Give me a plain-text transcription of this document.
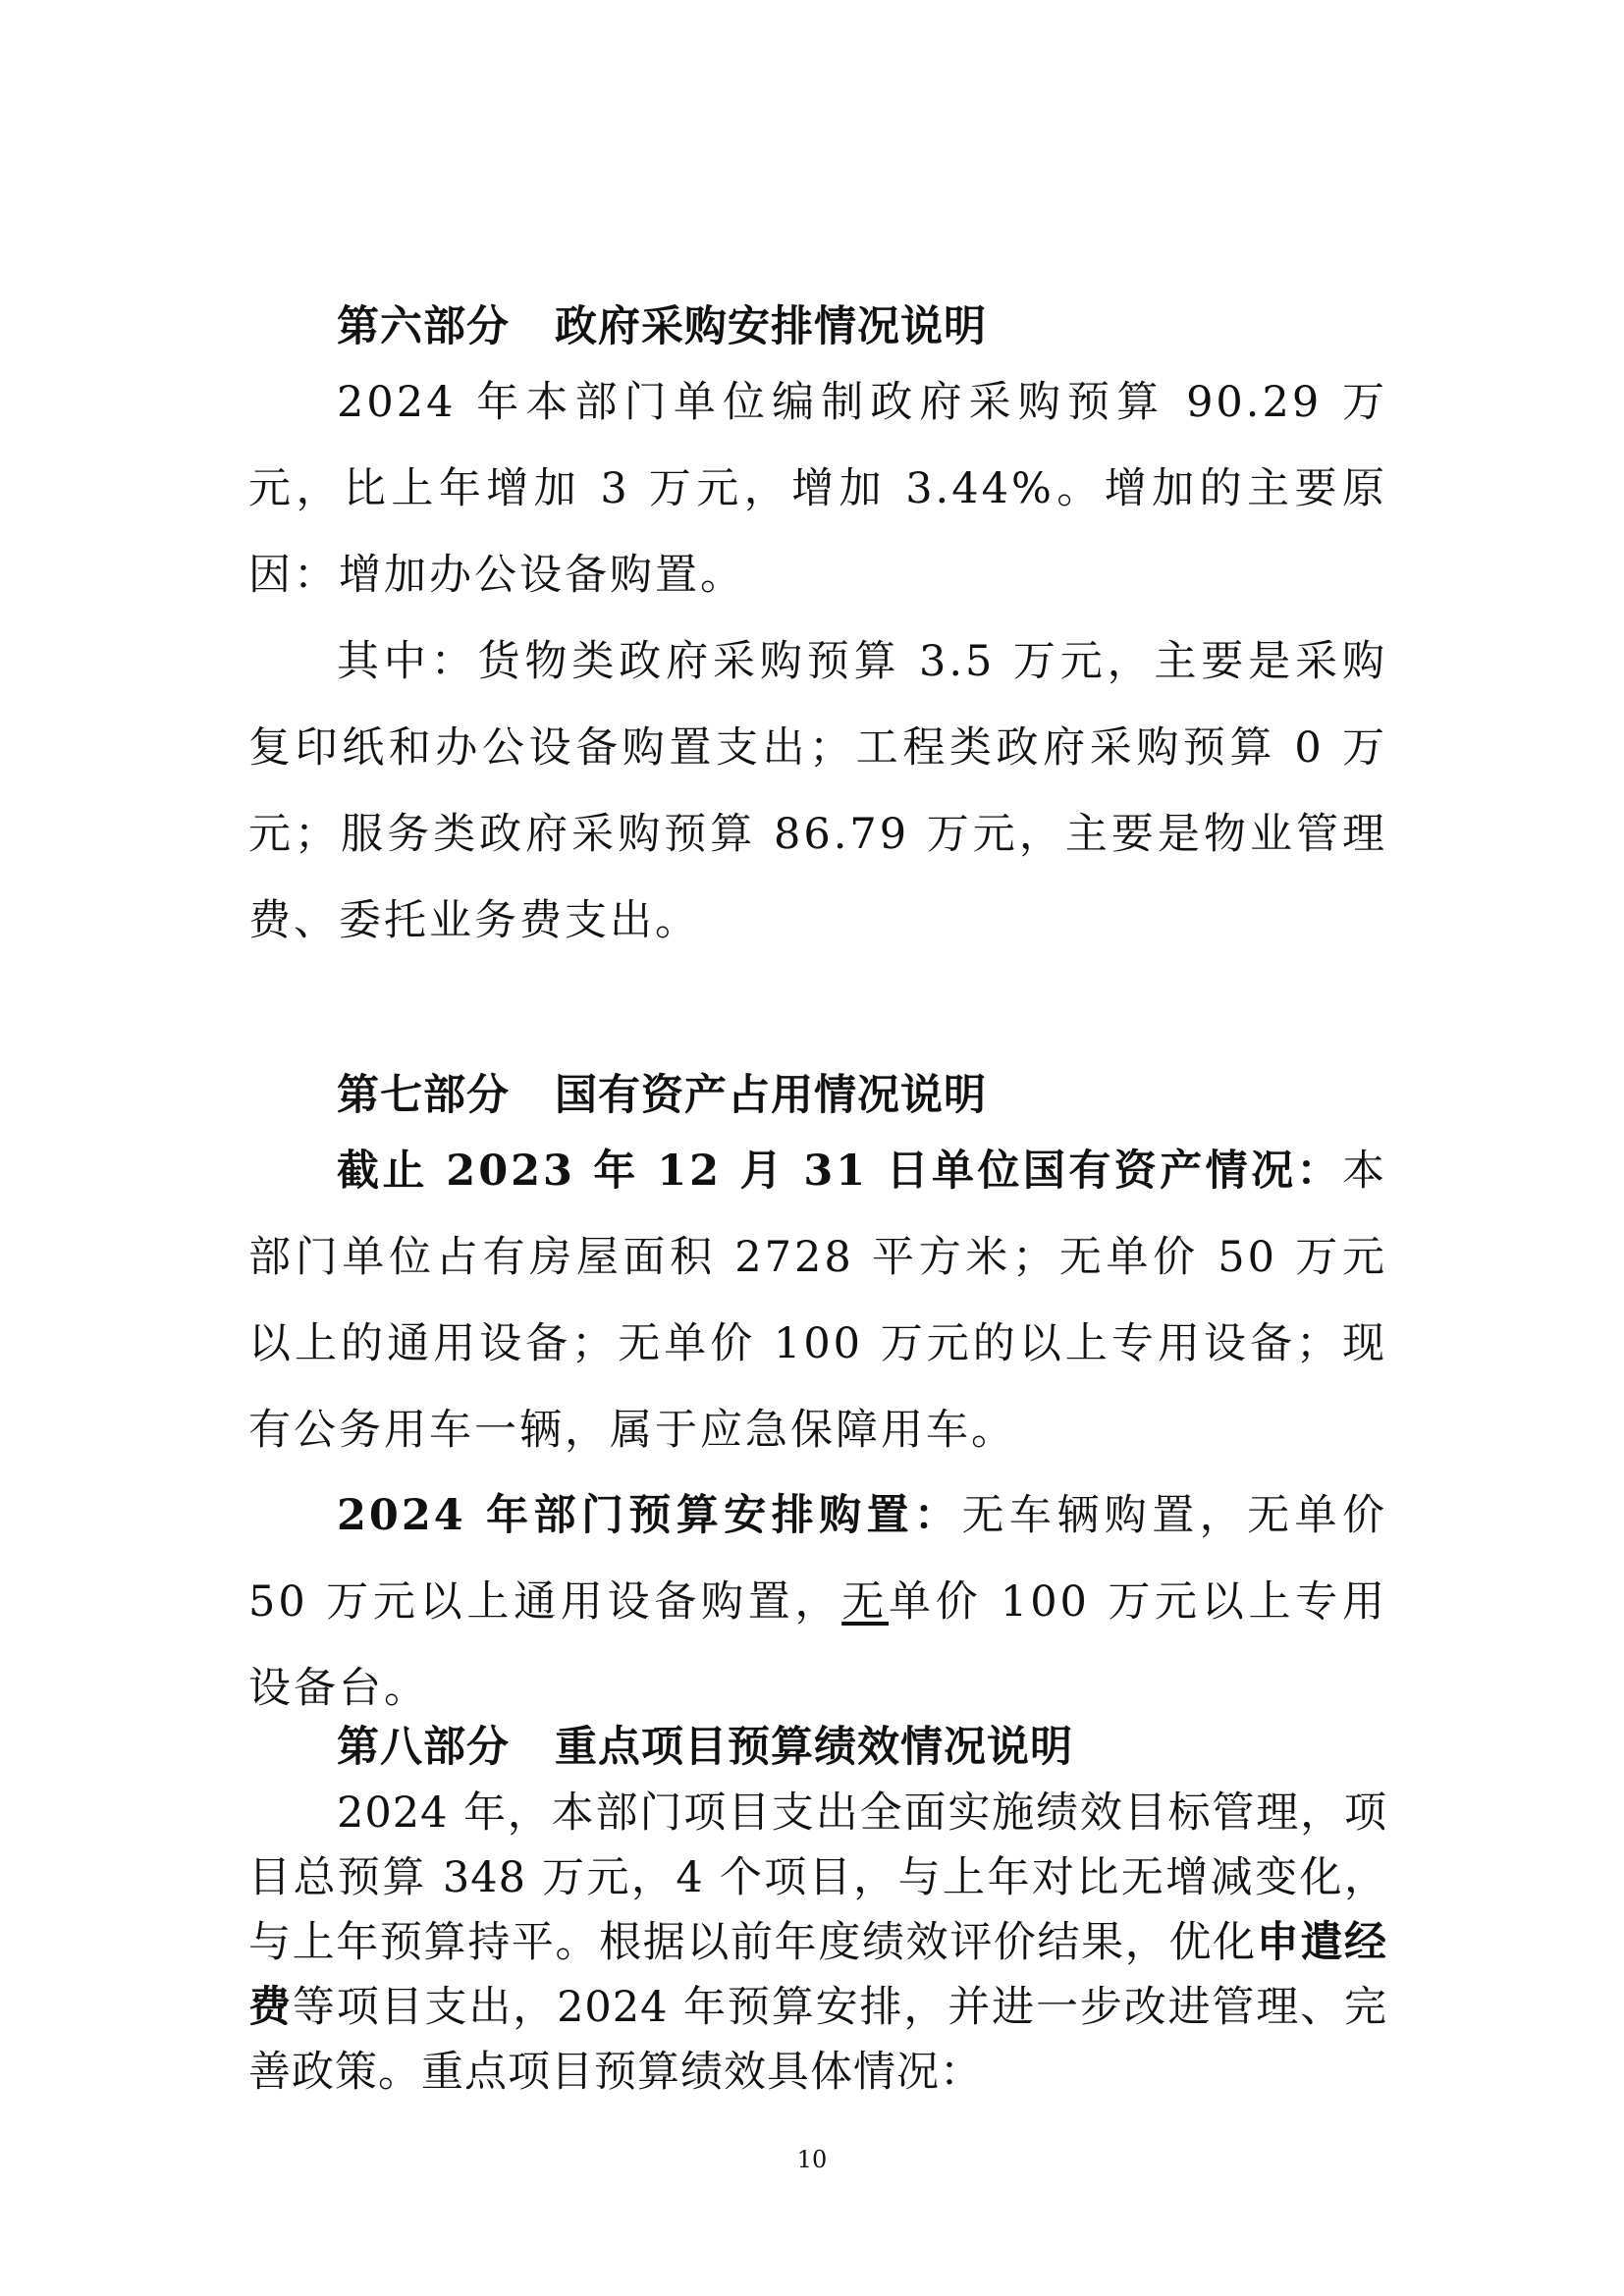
第六部分 政府采购安排情况说明
2024 年本部门单位编制政府采购预算 90.29 万元，比上年增加 3 万元，增加 3.44%。增加的主要原因：增加办公设备购置。
其中：货物类政府采购预算 3.5 万元，主要是采购复印纸和办公设备购置支出；工程类政府采购预算 0 万元；服务类政府采购预算 86.79 万元，主要是物业管理费、委托业务费支出。
第七部分 国有资产占用情况说明
截止 2023 年 12 月 31 日单位国有资产情况：本部门单位占有房屋面积 2728 平方米；无单价 50 万元以上的通用设备；无单价 100 万元的以上专用设备；现有公务用车一辆，属于应急保障用车。
2024 年部门预算安排购置：无车辆购置，无单价 50 万元以上通用设备购置，无单价 100 万元以上专用设备台。
第八部分 重点项目预算绩效情况说明
2024 年，本部门项目支出全面实施绩效目标管理，项目总预算 348 万元，4 个项目，与上年对比无增减变化，与上年预算持平。根据以前年度绩效评价结果，优化申遣经费等项目支出，2024 年预算安排，并进一步改进管理、完善政策。重点项目预算绩效具体情况：
10
